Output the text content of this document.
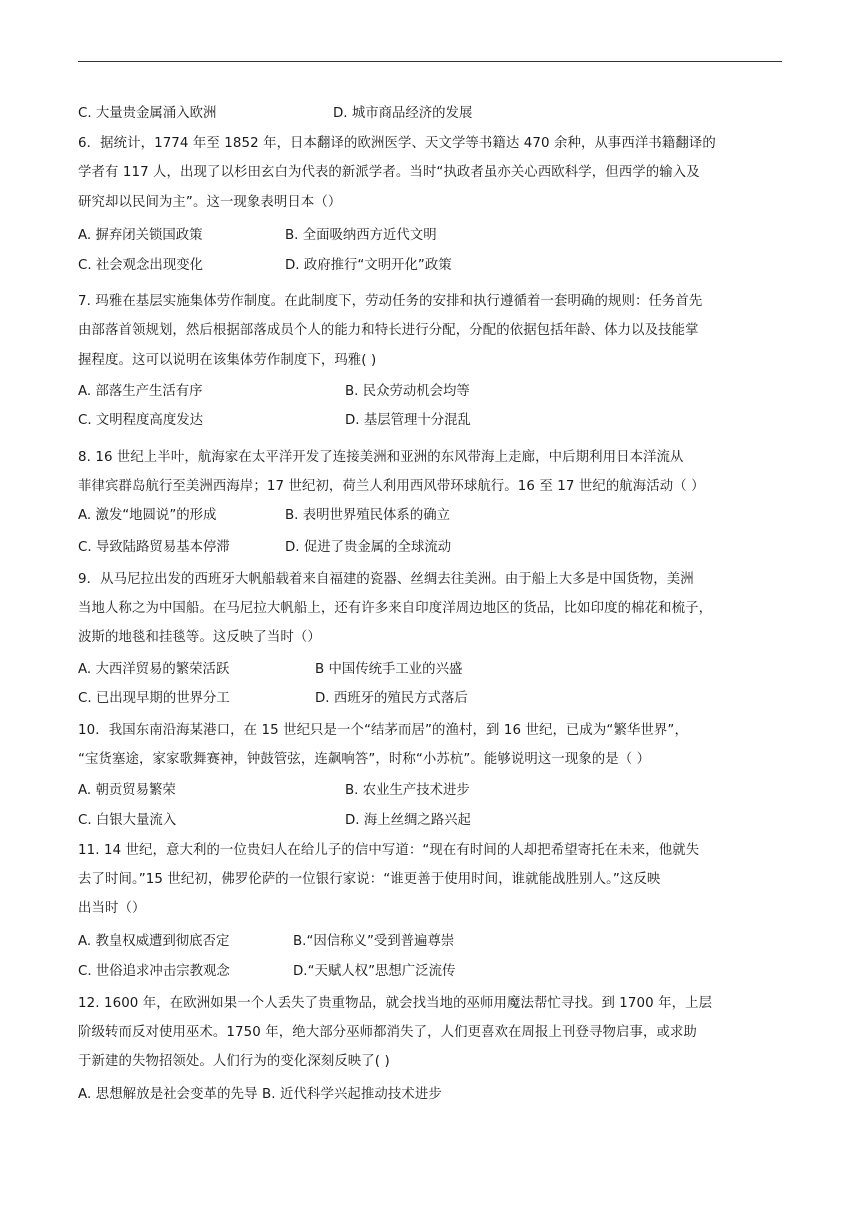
C. 大量贵金属涌入欧洲	D. 城市商品经济的发展
6．据统计，1774 年至 1852 年，日本翻译的欧洲医学、天文学等书籍达 470 余种，从事西洋书籍翻译的
学者有 117 人，出现了以杉田玄白为代表的新派学者。当时“执政者虽亦关心西欧科学，但西学的输入及
研究却以民间为主”。这一现象表明日本（）
A. 摒弃闭关锁国政策	B. 全面吸纳西方近代文明
C. 社会观念出现变化	D. 政府推行“文明开化”政策
7. 玛雅在基层实施集体劳作制度。在此制度下，劳动任务的安排和执行遵循着一套明确的规则：任务首先
由部落首领规划，然后根据部落成员个人的能力和特长进行分配，分配的依据包括年龄、体力以及技能掌
握程度。这可以说明在该集体劳作制度下，玛雅( )
A. 部落生产生活有序	B. 民众劳动机会均等
C. 文明程度高度发达	D. 基层管理十分混乱
8. 16 世纪上半叶，航海家在太平洋开发了连接美洲和亚洲的东风带海上走廊，中后期利用日本洋流从
菲律宾群岛航行至美洲西海岸；17 世纪初，荷兰人利用西风带环球航行。16 至 17 世纪的航海活动（ ）
A. 激发“地圆说”的形成	B. 表明世界殖民体系的确立
C. 导致陆路贸易基本停滞	D. 促进了贵金属的全球流动
9．从马尼拉出发的西班牙大帆船载着来自福建的瓷器、丝绸去往美洲。由于船上大多是中国货物，美洲
当地人称之为中国船。在马尼拉大帆船上，还有许多来自印度洋周边地区的货品，比如印度的棉花和梳子，
波斯的地毯和挂毯等。这反映了当时（）
A. 大西洋贸易的繁荣活跃	B 中国传统手工业的兴盛
C. 已出现早期的世界分工	D. 西班牙的殖民方式落后
10．我国东南沿海某港口，在 15 世纪只是一个“结茅而居”的渔村，到 16 世纪，已成为“繁华世界”，
“宝货塞途，家家歌舞赛神，钟鼓管弦，连飙响答”，时称“小苏杭”。能够说明这一现象的是（ ）
A. 朝贡贸易繁荣	B. 农业生产技术进步
C. 白银大量流入	D. 海上丝绸之路兴起
11. 14 世纪，意大利的一位贵妇人在给儿子的信中写道：“现在有时间的人却把希望寄托在未来，他就失
去了时间。”15 世纪初，佛罗伦萨的一位银行家说：“谁更善于使用时间，谁就能战胜别人。”这反映
出当时（）
A. 教皇权威遭到彻底否定	B.“因信称义”受到普遍尊崇
C. 世俗追求冲击宗教观念	D.“天赋人权”思想广泛流传
12. 1600 年，在欧洲如果一个人丢失了贵重物品，就会找当地的巫师用魔法帮忙寻找。到 1700 年，上层
阶级转而反对使用巫术。1750 年，绝大部分巫师都消失了，人们更喜欢在周报上刊登寻物启事，或求助
于新建的失物招领处。人们行为的变化深刻反映了( )
A. 思想解放是社会变革的先导 B. 近代科学兴起推动技术进步
